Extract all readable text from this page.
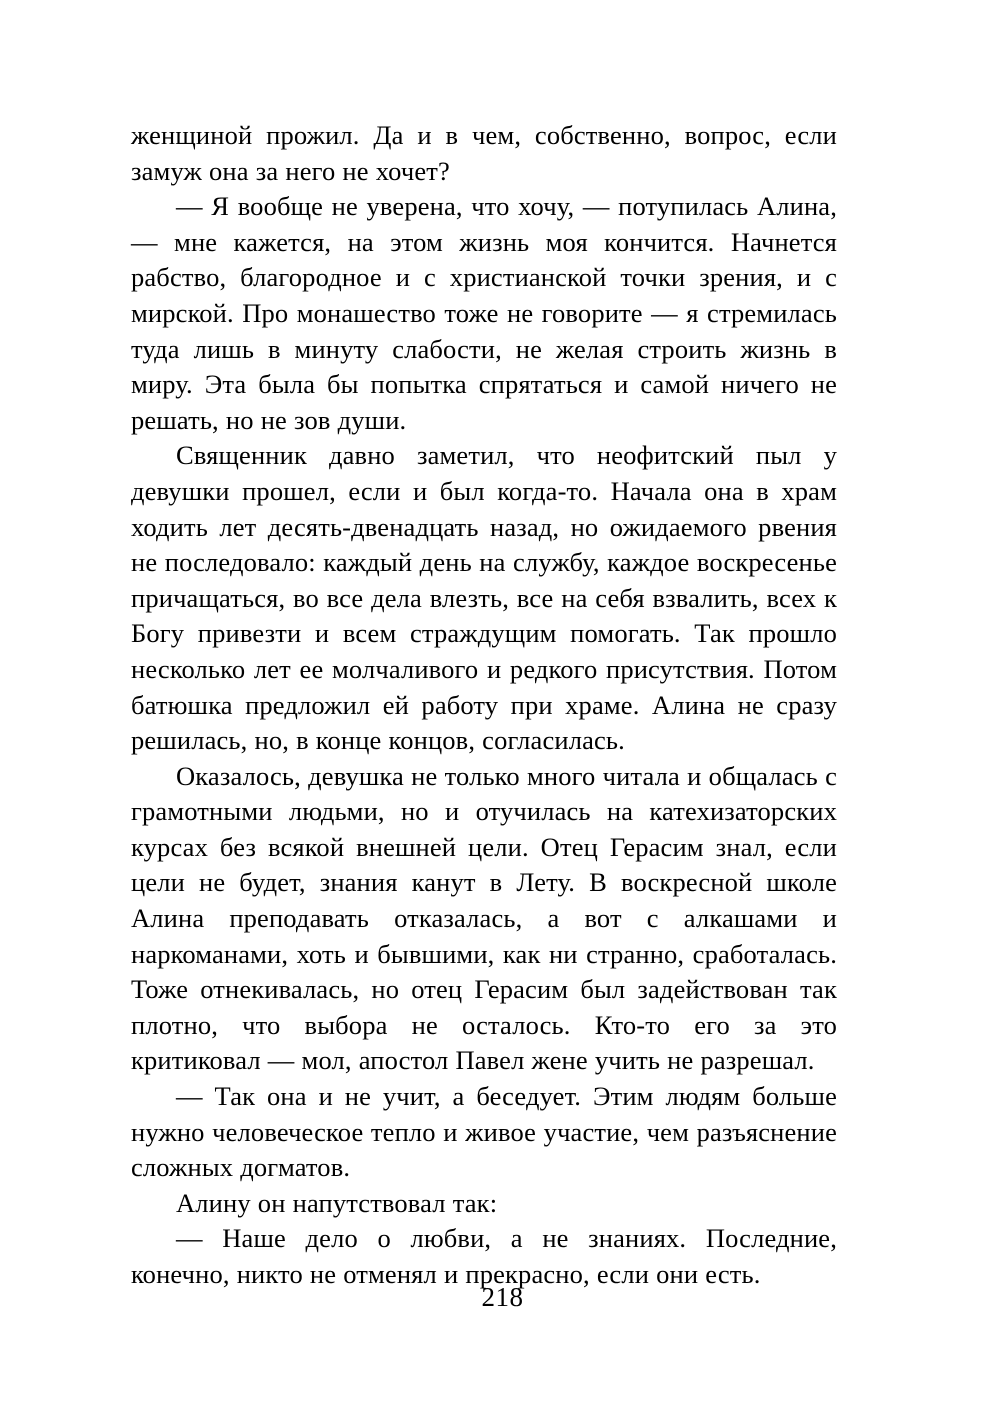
женщиной прожил. Да и в чем, собственно, вопрос, если замуж она за него не хочет?

— Я вообще не уверена, что хочу, — потупилась Алина, — мне кажется, на этом жизнь моя кончится. Начнется рабство, благородное и с христианской точки зрения, и с мирской. Про монашество тоже не говорите — я стремилась туда лишь в минуту слабости, не желая строить жизнь в миру. Эта была бы попытка спрятаться и самой ничего не решать, но не зов души.

Священник давно заметил, что неофитский пыл у девушки прошел, если и был когда-то. Начала она в храм ходить лет десять-двенадцать назад, но ожидаемого рвения не последовало: каждый день на службу, каждое воскресенье причащаться, во все дела влезть, все на себя взвалить, всех к Богу привезти и всем страждущим помогать. Так прошло несколько лет ее молчаливого и редкого присутствия. Потом батюшка предложил ей работу при храме. Алина не сразу решилась, но, в конце концов, согласилась.

Оказалось, девушка не только много читала и общалась с грамотными людьми, но и отучилась на катехизаторских курсах без всякой внешней цели. Отец Герасим знал, если цели не будет, знания канут в Лету. В воскресной школе Алина преподавать отказалась, а вот с алкашами и наркоманами, хоть и бывшими, как ни странно, сработалась. Тоже отнекивалась, но отец Герасим был задействован так плотно, что выбора не осталось. Кто-то его за это критиковал — мол, апостол Павел жене учить не разрешал.

— Так она и не учит, а беседует. Этим людям больше нужно человеческое тепло и живое участие, чем разъяснение сложных догматов.

Алину он напутствовал так:

— Наше дело о любви, а не знаниях. Последние, конечно, никто не отменял и прекрасно, если они есть.

218
